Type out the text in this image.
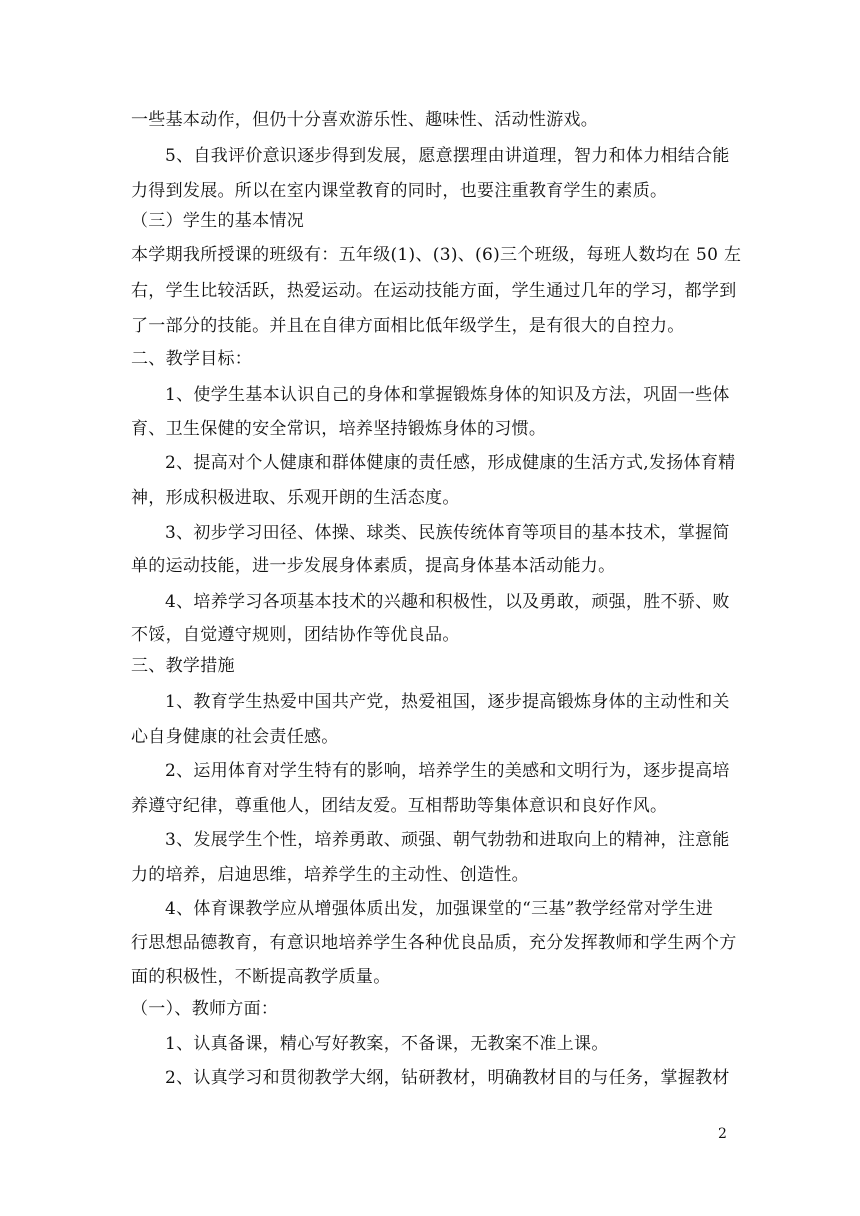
一些基本动作，但仍十分喜欢游乐性、趣味性、活动性游戏。
5、自我评价意识逐步得到发展，愿意摆理由讲道理，智力和体力相结合能
力得到发展。所以在室内课堂教育的同时，也要注重教育学生的素质。
（三）学生的基本情况
本学期我所授课的班级有：五年级(1)、(3)、(6)三个班级，每班人数均在 50 左
右，学生比较活跃，热爱运动。在运动技能方面，学生通过几年的学习，都学到
了一部分的技能。并且在自律方面相比低年级学生，是有很大的自控力。
二、教学目标：
1、使学生基本认识自己的身体和掌握锻炼身体的知识及方法，巩固一些体
育、卫生保健的安全常识，培养坚持锻炼身体的习惯。
2、提高对个人健康和群体健康的责任感，形成健康的生活方式,发扬体育精
神，形成积极进取、乐观开朗的生活态度。
3、初步学习田径、体操、球类、民族传统体育等项目的基本技术，掌握简
单的运动技能，进一步发展身体素质，提高身体基本活动能力。
4、培养学习各项基本技术的兴趣和积极性，以及勇敢，顽强，胜不骄、败
不馁，自觉遵守规则，团结协作等优良品。
三、教学措施
1、教育学生热爱中国共产党，热爱祖国，逐步提高锻炼身体的主动性和关
心自身健康的社会责任感。
2、运用体育对学生特有的影响，培养学生的美感和文明行为，逐步提高培
养遵守纪律，尊重他人，团结友爱。互相帮助等集体意识和良好作风。
3、发展学生个性，培养勇敢、顽强、朝气勃勃和进取向上的精神，注意能
力的培养，启迪思维，培养学生的主动性、创造性。
4、体育课教学应从增强体质出发，加强课堂的“三基”教学经常对学生进
行思想品德教育，有意识地培养学生各种优良品质，充分发挥教师和学生两个方
面的积极性，不断提高教学质量。
（一）、教师方面：
1、认真备课，精心写好教案，不备课，无教案不准上课。
2、认真学习和贯彻教学大纲，钻研教材，明确教材目的与任务，掌握教材
2
